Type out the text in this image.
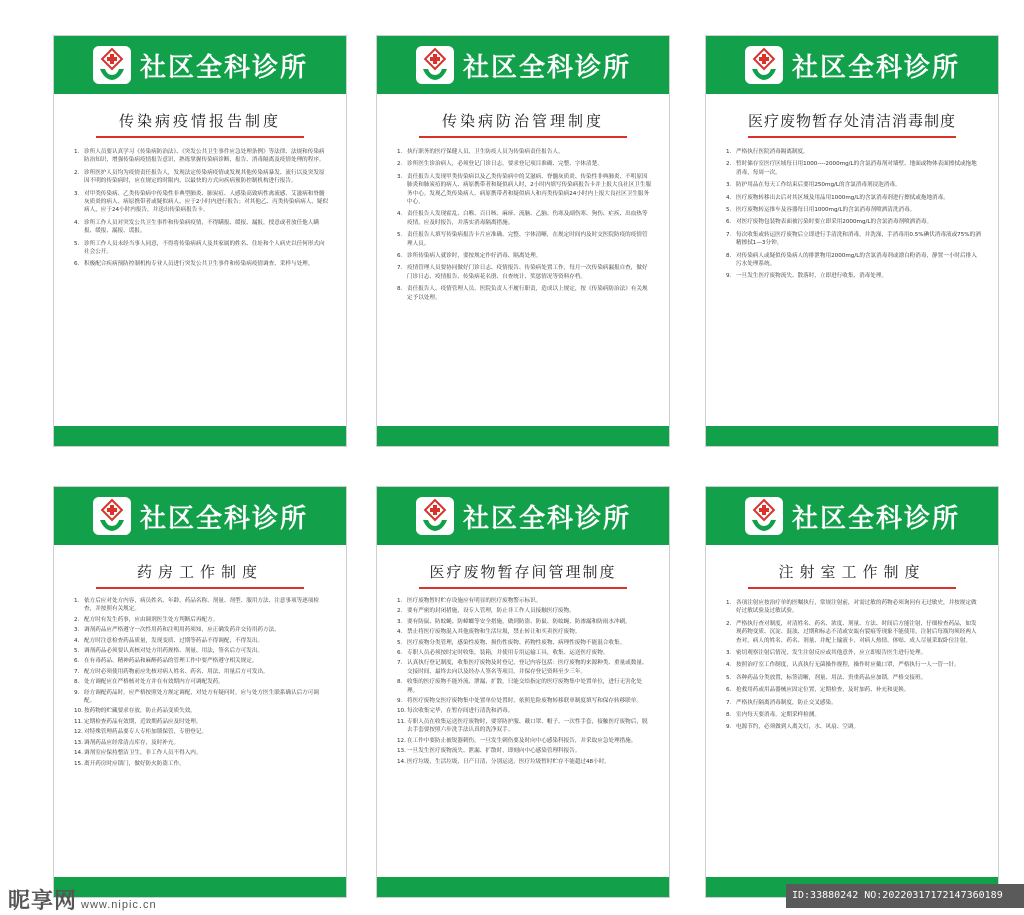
社区全科诊所
传染病疫情报告制度
1. 诊所人员要认真学习《传染病防治法》、《突发公共卫生事件应急处理条例》等法律、法规和传染病防治知识，增强传染病疫情报告意识，熟练掌握传染病诊断、报告、消毒隔离及疫情处理的程序。
2. 诊所医护人员均为疫情责任报告人，发现法定传染病疫情或发现其他传染病暴发、流行以及突发原因不明的传染病时，应在规定的时限内，以最快的方式向疾病预防控制机构进行报告。
3. 对甲类传染病、乙类传染病中传染性非典型肺炎、肺炭疽、人感染高致病性禽流感、艾滋病和脊髓灰质炎的病人、病原携带者或疑似病人，应于2小时内进行报告；对其他乙、丙类传染病病人、疑似病人，应于24小时内报告，并送出传染病报告卡。
4. 诊所工作人员对突发公共卫生事件和传染病疫情，不得瞒报、缓报、漏报，授意或者放任他人瞒报、缓报、漏报、谎报。
5. 诊所工作人员未经当事人同意，不得将传染病病人及其家属的姓名、住址和个人病史以任何形式向社会公开。
6. 积极配合疾病预防控制机构专业人员进行突发公共卫生事件和传染病疫情调查、采样与处理。
社区全科诊所
传染病防治管理制度
1. 执行职务的医疗保健人员、卫生防疫人员为传染病责任报告人。
2. 诊所医生诊治病人，必须登记门诊日志，要求登记项目准确、完整、字体清楚。
3. 责任报告人发现甲类传染病以及乙类传染病中的艾滋病、脊髓灰质炎、传染性非典肺炎、不明原因肺炎和肺炭疽的病人、病原携带者和疑似病人时，2小时内填写传染病报告卡并上报大良社区卫生服务中心。发现乙类传染病人、病原携带者和疑似病人和丙类传染病24小时内上报大良社区卫生服务中心。
4. 责任报告人发现霍乱、白喉、百日咳、麻疹、流脑、乙脑、伤寒及副伤寒、狗伤、疟疾、出血热等疫情，应及时报告，并落实消毒隔离措施。
5. 责任报告人填写传染病报告卡片应准确、完整、字体清晰，在规定时间内及时交医院防疫的疫情管理人员。
6. 诊所传染病人就诊时，要按规定作好消毒、隔离处理。
7. 疫情管理人员要协同做好门诊日志、疫情报告、传染病处置工作，每月一次传染病漏报自查，做好门诊日志、疫情报告、传染病花名册、自查统计、奖惩情况等资料存档。
8. 责任报告人、疫情管理人员、医院负责人不履行职责，造成以上规定，按《传染病防治法》有关规定予以处理。
社区全科诊所
医疗废物暂存处清洁消毒制度
1. 严格执行医院消毒隔离制度。
2. 暂时储存室医疗区域每日用1000----2000mg/L的含氯消毒剂对墙壁、地面或物体表面擦拭或拖地消毒，每周一次。
3. 防护用品在每天工作结束后要用250mg/L的含氯消毒剂浸泡消毒。
4. 医疗废物转移出去后对其区域及用品用1000mg/L的含氯消毒剂进行擦拭或拖地消毒。
5. 医疗废物转运推车及容器每日用1000mg/L的含氯消毒剂喷洒清洗消毒。
6. 对医疗废物包装物表面被污染时要立即采用2000mg/L的含氯消毒剂喷洒消毒。
7. 每次收集或转运医疗废物后立即进行手清洗和消毒，并洗澡，手消毒用0.5%碘伏消毒液或75%的酒精擦拭1—3分钟。
8. 对传染病人或疑似传染病人的排泄物用2000mg/L的含氯消毒剂或漂白粉消毒，静置一小时后排入污水处理系统。
9. 一旦发生医疗废物流失、散落时，立即进行收集、消毒处理。
社区全科诊所
药房工作制度
1. 依方后应对处方内容，病员姓名、年龄、药品名称、剂量、剂型、服用方法、注意事项等逐项检查，并按照有关规定。
2. 配方时有发生药事，应由调剂医生处方判断后再配方。
3. 调剂药品应严格遵守一次性用药和注明用药须知，应正确发药并交待用药方法。
4. 配方时注意检查药品质量，发现变质、过期等药品不得调配，不得发出。
5. 调剂药品必须要认真核对处方用药规格、剂量、用法，签名后方可发出。
6. 在有毒药品、精神药品和麻醉药品的管理工作中要严格遵守相关规定。
7. 配方时必须使用药物前应先核对病人姓名、药名、用法、用量后方可发出。
8. 处方调配应在严格核对处方并在有效期内方可调配发药。
9. 经方调配药品时，应严格按照处方规定调配，对处方有疑问时，应与处方医生联系确认后方可调配。
10. 按药物的贮藏要求存放，防止药品变质失效。
11. 定期检查药品有效期，近效期药品应及时处理。
12. 对特殊管理药品要专人专柜加锁保管，专册登记。
13. 调剂药品应经常清点库存，及时补充。
14. 调剂室应保持整洁卫生，非工作人员不得入内。
15. 离开药房时应锁门，做好防火防盗工作。
社区全科诊所
医疗废物暂存间管理制度
1. 医疗废物暂时贮存设施应有明显的医疗废物警示标识。
2. 要有严密的封闭措施，设专人管理，防止非工作人员接触医疗废物。
3. 要有防鼠、防蚊蝇、防蟑螂等安全措施，做到防盗、防鼠、防蚊蝇、防渗漏和防雨水冲刷。
4. 禁止将医疗废物混入其他废物和生活垃圾，禁止转让和买卖医疗废物。
5. 医疗废物分类管理，感染性废物、损伤性废物、药物性废物、病理性废物不能混合收集。
6. 专职人员必须按时定时收集，装箱，并使用专用运输工具，收集、运送医疗废物。
7. 认真执行登记制度，收集医疗废物及时登记，登记内容包括：医疗废物的来源种类、重量或数量、交接时间、最终去向以及经办人签名等项目，并保存登记资料至少三年。
8. 收集的医疗废物不能外流、泄漏、扩散，只能交给指定的医疗废物集中处置单位，进行无害化处理。
9. 将医疗废物交医疗废物集中处置单位处置时，依照危险废物转移联单制度填写和保存转移联单。
10. 每次收集完毕，在暂存间进行清洗和消毒。
11. 专职人员在收集运送医疗废物时，要穿防护服、戴口罩、帽子、一次性手套，接触医疗废物后，脱去手套要按照六步洗手法认真的洗净双手。
12. 在工作中要防止被锐器刺伤，一旦发生刺伤要及时向中心感染科报告，并采取应急处理措施。
13. 一旦发生医疗废物流失、泄漏、扩散时，即刻向中心感染管理科报告。
14. 医疗垃圾，生活垃圾，日产日清，分别运送，医疗垃圾暂时贮存不能超过48小时。
社区全科诊所
注射室工作制度
1. 各项注射应按治疗单的医嘱执行，常规注射前，对需过敏的药物必须询问有无过敏史，并按规定做好过敏试验及过敏试验。
2. 严格执行查对制度，对清姓名、药名、浓度、剂量、方法、时间后方能注射，仔细检查药品，如发现药物变质、沉淀、混浊、过期和标志不清或安瓿有裂痕等现象不能使用。注射后每瓶均须经两人查对，病人的姓名、药名、剂量、并配上输液卡，对病人热情、体贴、成人尽量采取卧位注射。
3. 密切观察注射后情况，发生注射反应或其他意外，应立即报告医生进行处理。
4. 按照治疗室工作制度，认真执行无菌操作规程，操作时应戴口罩，严格执行一人一管一针。
5. 各种药品分类放置，标签清晰，剂量、用法、贵重药品应加锁，严格交接班。
6. 抢救用药或用品器械应固定位置，定期检查，及时加药、补充和更换。
7. 严格执行隔离消毒制度，防止交叉感染。
8. 室内每天要消毒，定期采样检测。
9. 电源节约，必须做到人离关灯，水、风扇、空调。
昵享网 www.nipic.cn
ID:33880242 NO:20220317172147360189
